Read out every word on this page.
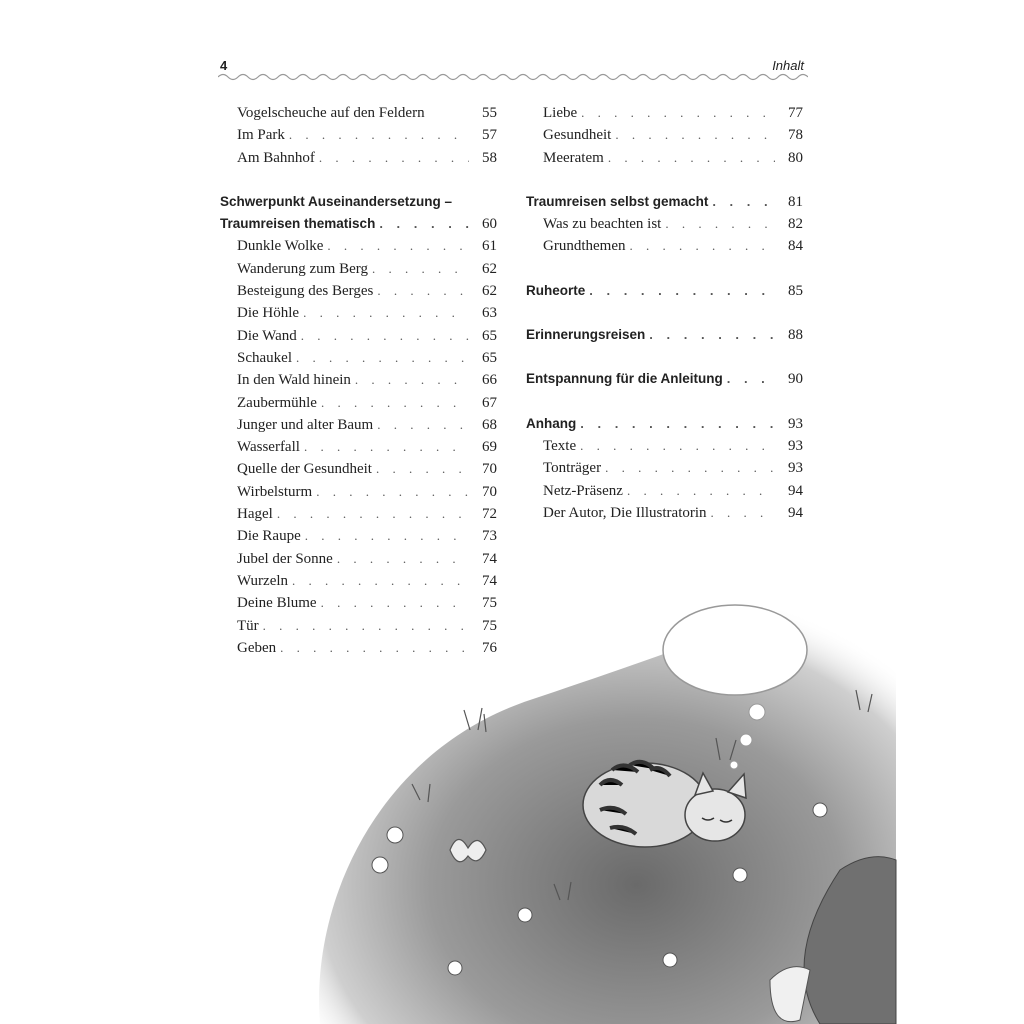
4	Inhalt
Vogelscheuche auf den Feldern	55
Im Park . . .	57
Am Bahnhof . . .	58
Schwerpunkt Auseinandersetzung –
Traumreisen thematisch . . .	60
Dunkle Wolke . . .	61
Wanderung zum Berg . . .	62
Besteigung des Berges . . .	62
Die Höhle . . .	63
Die Wand . . .	65
Schaukel . . .	65
In den Wald hinein . . .	66
Zaubermühle . . .	67
Junger und alter Baum . . .	68
Wasserfall . . .	69
Quelle der Gesundheit . . .	70
Wirbelsturm . . .	70
Hagel . . .	72
Die Raupe . . .	73
Jubel der Sonne . . .	74
Wurzeln . . .	74
Deine Blume . . .	75
Tür . . .	75
Geben . . .	76
Liebe . . .	77
Gesundheit . . .	78
Meeratem . . .	80
Traumreisen selbst gemacht . . .	81
Was zu beachten ist . . .	82
Grundthemen . . .	84
Ruheorte . . .	85
Erinnerungsreisen . . .	88
Entspannung für die Anleitung . . .	90
Anhang . . .	93
Texte . . .	93
Tonträger . . .	93
Netz-Präsenz . . .	94
Der Autor, Die Illustratorin . . .	94
